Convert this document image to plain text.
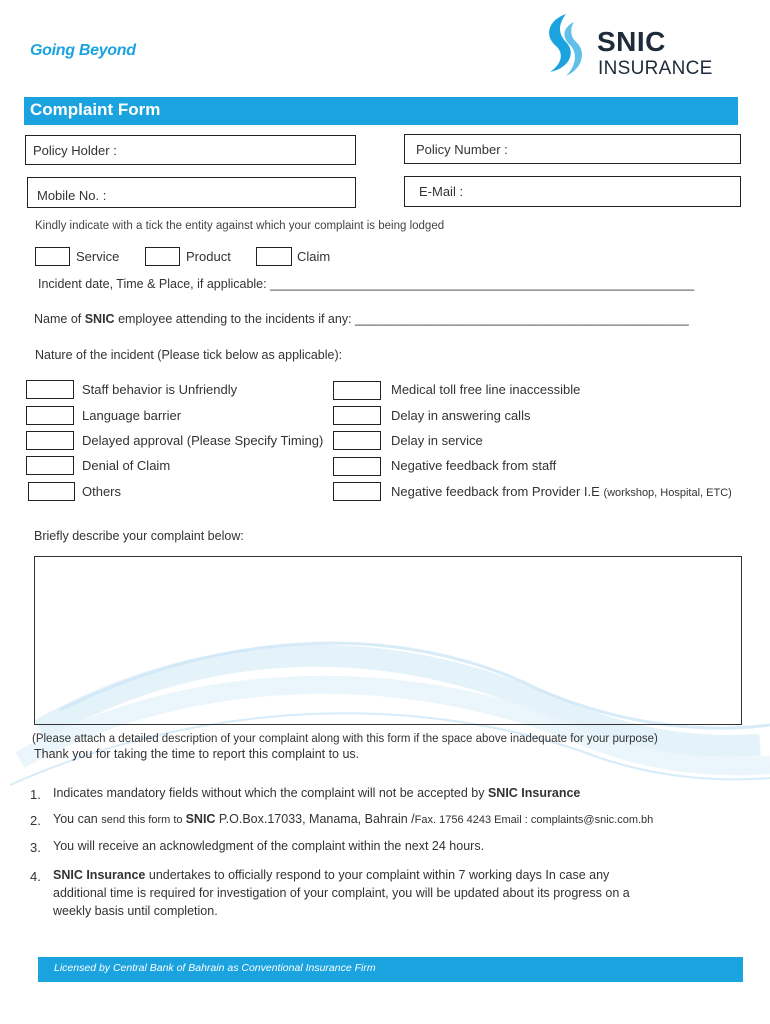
Going Beyond	SNIC
INSURANCE
Complaint Form
Policy Holder :	Policy Number :
Mobile No. :	E-Mail :
Kindly indicate with a tick the entity against which your complaint is being lodged
Service	Product	Claim
Incident date, Time & Place, if applicable: _____________________________________________________________
Name of SNIC employee attending to the incidents if any: ________________________________________________
Nature of the incident (Please tick below as applicable):
Staff behavior is Unfriendly
Language barrier
Delayed approval (Please Specify Timing)
Denial of Claim
Others
Medical toll free line inaccessible
Delay in answering calls
Delay in service
Negative feedback from staff
Negative feedback from Provider I.E (workshop, Hospital, ETC)
Briefly describe your complaint below:
(Please attach a detailed description of your complaint along with this form if the space above inadequate for your purpose)
Thank you for taking the time to report this complaint to us.
1. Indicates mandatory fields without which the complaint will not be accepted by SNIC Insurance
2. You can send this form to SNIC P.O.Box.17033, Manama, Bahrain /Fax. 1756 4243 Email : complaints@snic.com.bh
3. You will receive an acknowledgment of the complaint within the next 24 hours.
4. SNIC Insurance undertakes to officially respond to your complaint within 7 working days In case any
additional time is required for investigation of your complaint, you will be updated about its progress on a
weekly basis until completion.
Licensed by Central Bank of Bahrain as Conventional Insurance Firm
